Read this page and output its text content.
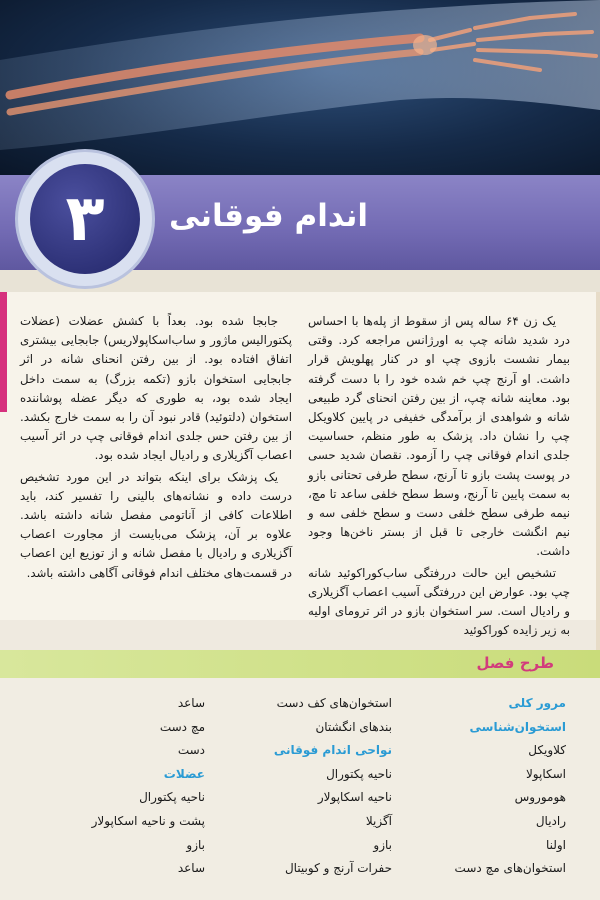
۳ اندام فوقانی

یک زن ۶۴ ساله پس از سقوط از پله‌ها با احساس درد شدید شانه چپ به اورژانس مراجعه کرد. وقتی بیمار نشست بازوی چپ او در کنار پهلویش قرار داشت. او آرنج چپ خم شده خود را با دست گرفته بود. معاینه شانه چپ، از بین رفتن انحنای گرد طبیعی شانه و شواهدی از برآمدگی خفیفی در پایین کلاویکل چپ را نشان داد. پزشک به طور منظم، حساسیت جلدی اندام فوقانی چپ را آزمود. نقصان شدید حسی در پوست پشت بازو تا آرنج، سطح طرفی تحتانی بازو به سمت پایین تا آرنج، وسط سطح خلفی ساعد تا مچ، نیمه طرفی سطح خلفی دست و سطح خلفی سه و نیم انگشت خارجی تا قبل از بستر ناخن‌ها وجود داشت.

تشخیص این حالت دررفتگی ساب‌کوراکوئید شانه چپ بود. عوارض این دررفتگی آسیب اعصاب آگزیلاری و رادیال است. سر استخوان بازو در اثر ترومای اولیه به زیر زایده کوراکوئید

جابجا شده بود. بعداً با کشش عضلات (عضلات پکتورالیس ماژور و ساب‌اسکاپولاریس) جابجایی بیشتری اتفاق افتاده بود. از بین رفتن انحنای شانه در اثر جابجایی استخوان بازو (تکمه بزرگ) به سمت داخل ایجاد شده بود، به طوری که دیگر عضله پوشاننده استخوان (دلتوئید) قادر نبود آن را به سمت خارج بکشد. از بین رفتن حس جلدی اندام فوقانی چپ در اثر آسیب اعصاب آگزیلاری و رادیال ایجاد شده بود.

یک پزشک برای اینکه بتواند در این مورد تشخیص درست داده و نشانه‌های بالینی را تفسیر کند، باید اطلاعات کافی از آناتومی مفصل شانه داشته باشد. علاوه بر آن، پزشک می‌بایست از مجاورت اعصاب آگزیلاری و رادیال با مفصل شانه و از توزیع این اعصاب در قسمت‌های مختلف اندام فوقانی آگاهی داشته باشد.

طرح فصل
مرور کلی
استخوان‌شناسی
کلاویکل
اسکاپولا
هوموروس
رادیال
اولنا
استخوان‌های مچ دست
استخوان‌های کف دست
بندهای انگشتان
نواحی اندام فوقانی
ناحیه پکتورال
ناحیه اسکاپولار
آگزیلا
بازو
حفرات آرنج و کوبیتال
ساعد
مچ دست
دست
عضلات
ناحیه پکتورال
پشت و ناحیه اسکاپولار
بازو
ساعد
